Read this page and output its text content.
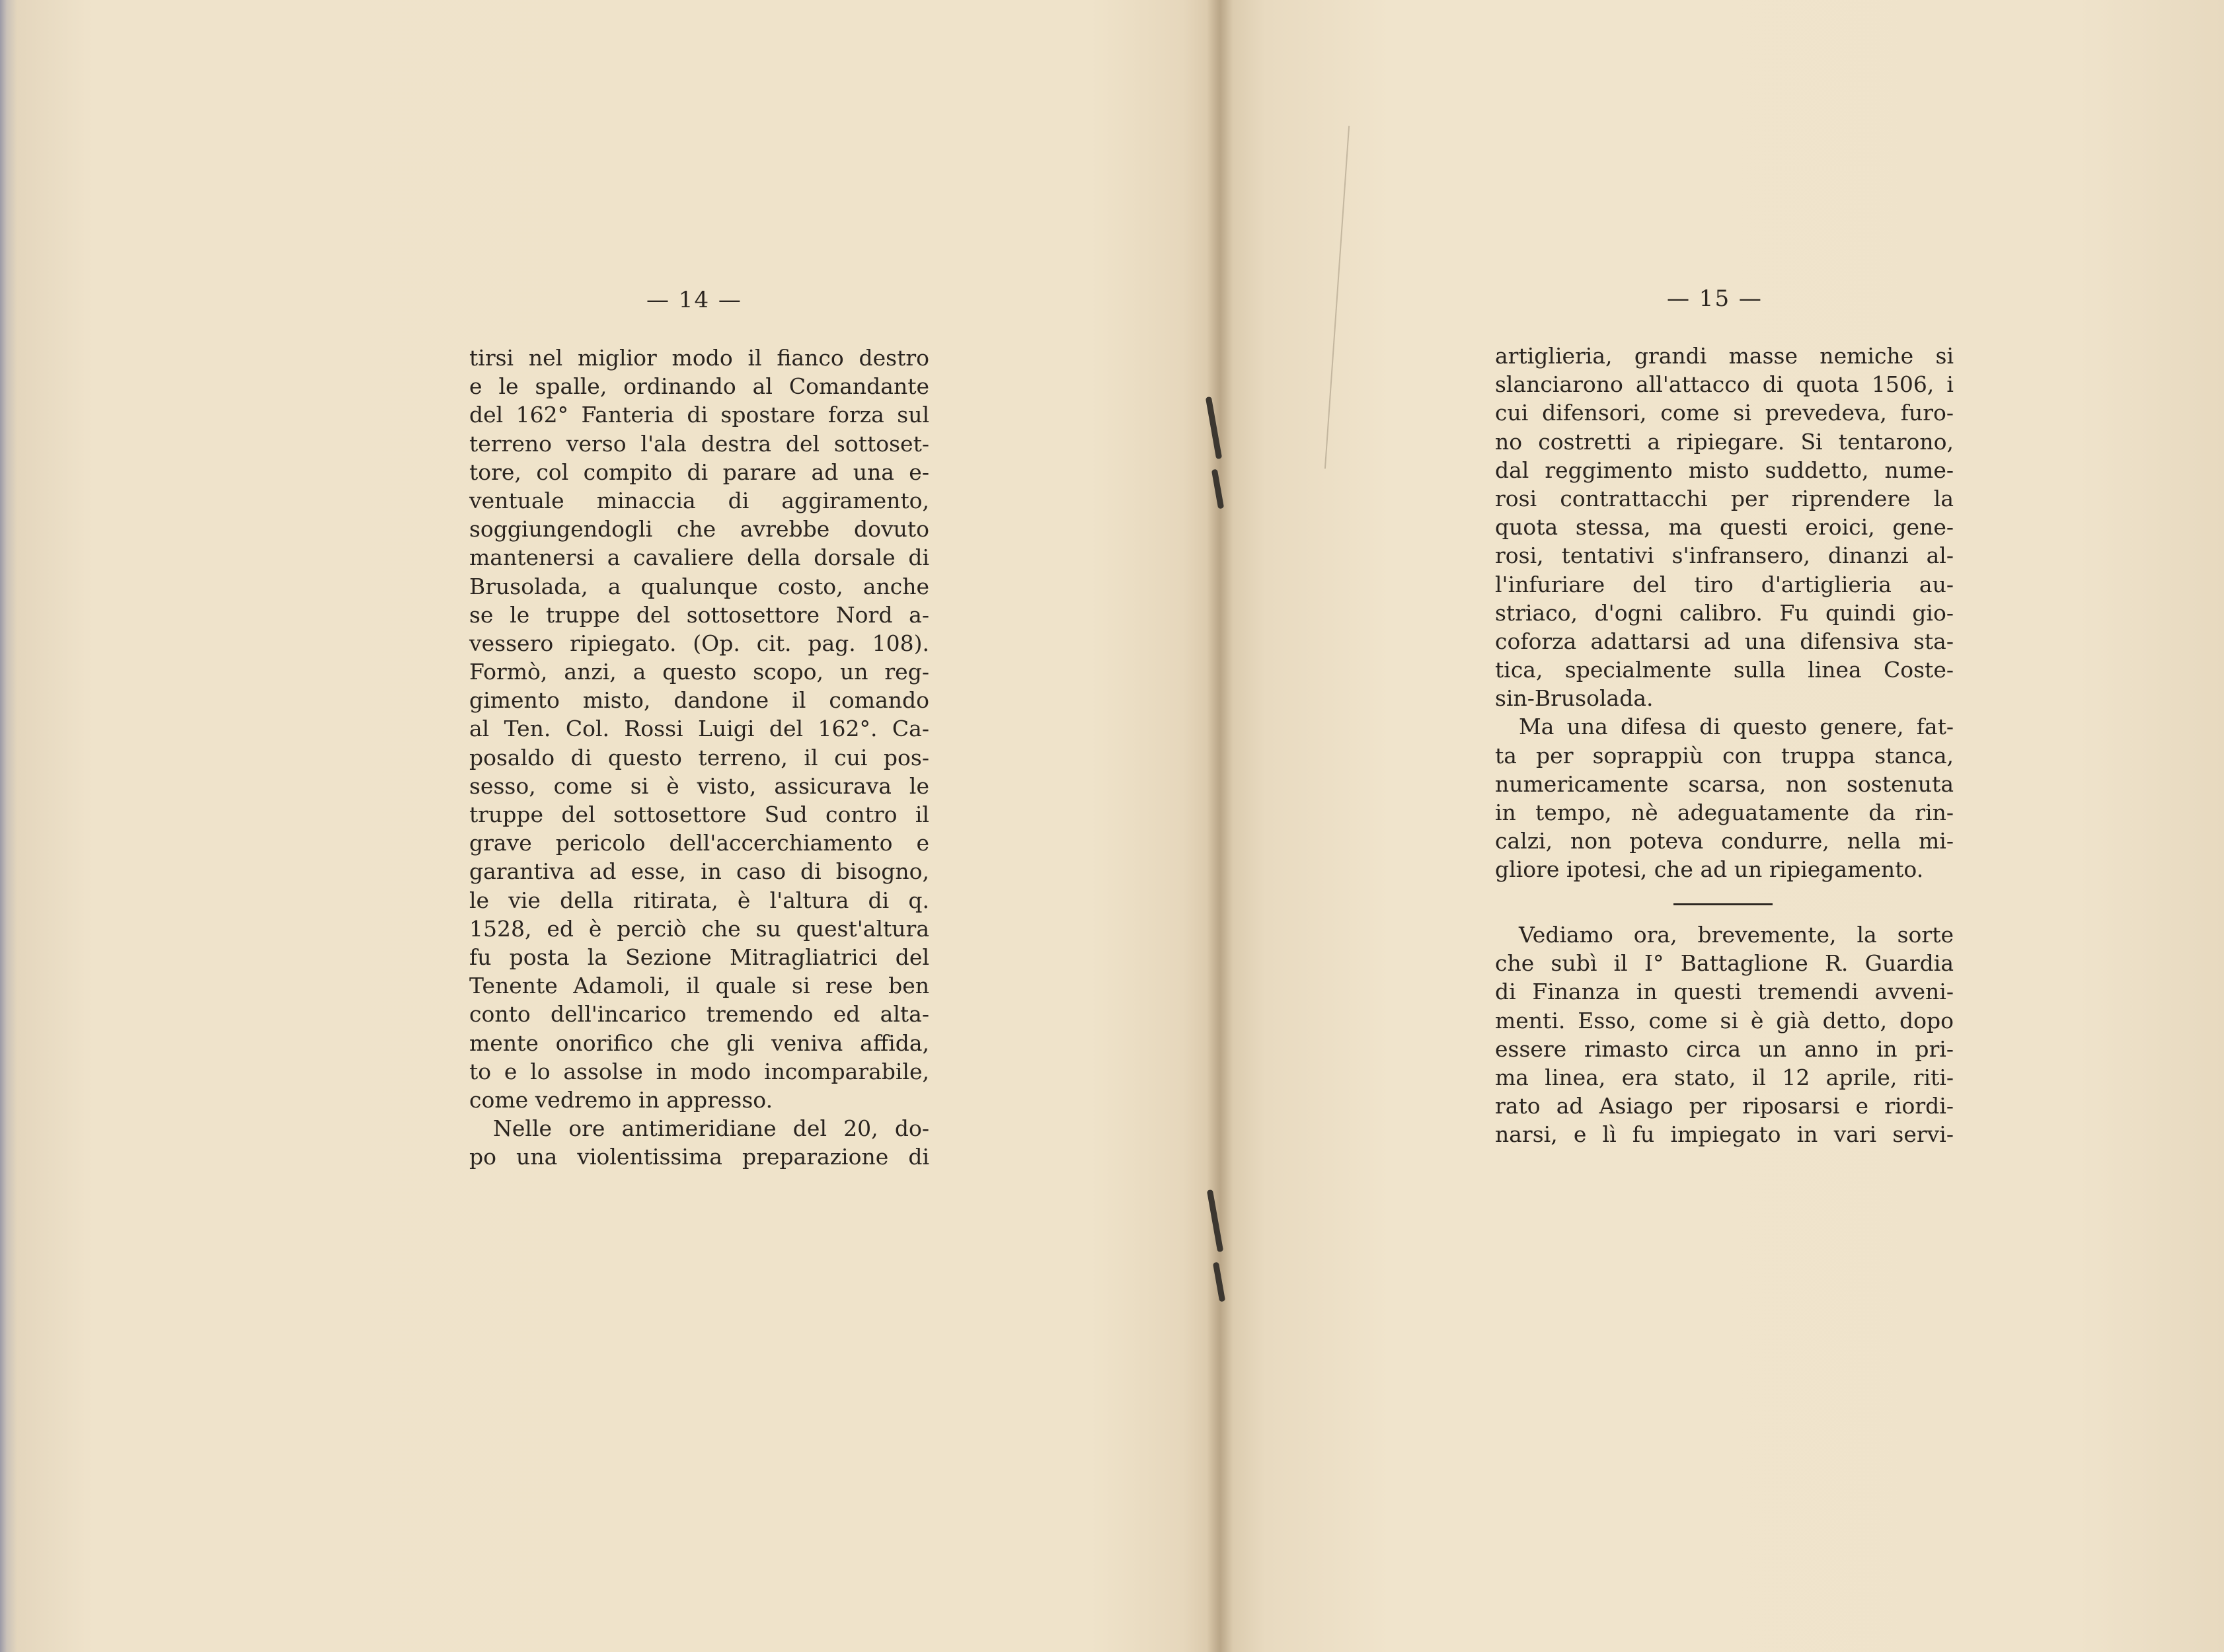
— 14 —	— 15 —
tirsi nel miglior modo il fianco destro
e le spalle, ordinando al Comandante
del 162° Fanteria di spostare forza sul
terreno verso l'ala destra del sottoset-
tore, col compito di parare ad una e-
ventuale minaccia di aggiramento,
soggiungendogli che avrebbe dovuto
mantenersi a cavaliere della dorsale di
Brusolada, a qualunque costo, anche
se le truppe del sottosettore Nord a-
vessero ripiegato. (Op. cit. pag. 108).
Formò, anzi, a questo scopo, un reg-
gimento misto, dandone il comando
al Ten. Col. Rossi Luigi del 162°. Ca-
posaldo di questo terreno, il cui pos-
sesso, come si è visto, assicurava le
truppe del sottosettore Sud contro il
grave pericolo dell'accerchiamento e
garantiva ad esse, in caso di bisogno,
le vie della ritirata, è l'altura di q.
1528, ed è perciò che su quest'altura
fu posta la Sezione Mitragliatrici del
Tenente Adamoli, il quale si rese ben
conto dell'incarico tremendo ed alta-
mente onorifico che gli veniva affida,
to e lo assolse in modo incomparabile,
come vedremo in appresso.
Nelle ore antimeridiane del 20, do-
po una violentissima preparazione di
artiglieria, grandi masse nemiche si
slanciarono all'attacco di quota 1506, i
cui difensori, come si prevedeva, furo-
no costretti a ripiegare. Si tentarono,
dal reggimento misto suddetto, nume-
rosi contrattacchi per riprendere la
quota stessa, ma questi eroici, gene-
rosi, tentativi s'infransero, dinanzi al-
l'infuriare del tiro d'artiglieria au-
striaco, d'ogni calibro. Fu quindi gio-
coforza adattarsi ad una difensiva sta-
tica, specialmente sulla linea Coste-
sin-Brusolada.
Ma una difesa di questo genere, fat-
ta per soprappiù con truppa stanca,
numericamente scarsa, non sostenuta
in tempo, nè adeguatamente da rin-
calzi, non poteva condurre, nella mi-
gliore ipotesi, che ad un ripiegamento.
Vediamo ora, brevemente, la sorte
che subì il I° Battaglione R. Guardia
di Finanza in questi tremendi avveni-
menti. Esso, come si è già detto, dopo
essere rimasto circa un anno in pri-
ma linea, era stato, il 12 aprile, riti-
rato ad Asiago per riposarsi e riordi-
narsi, e lì fu impiegato in vari servi-
